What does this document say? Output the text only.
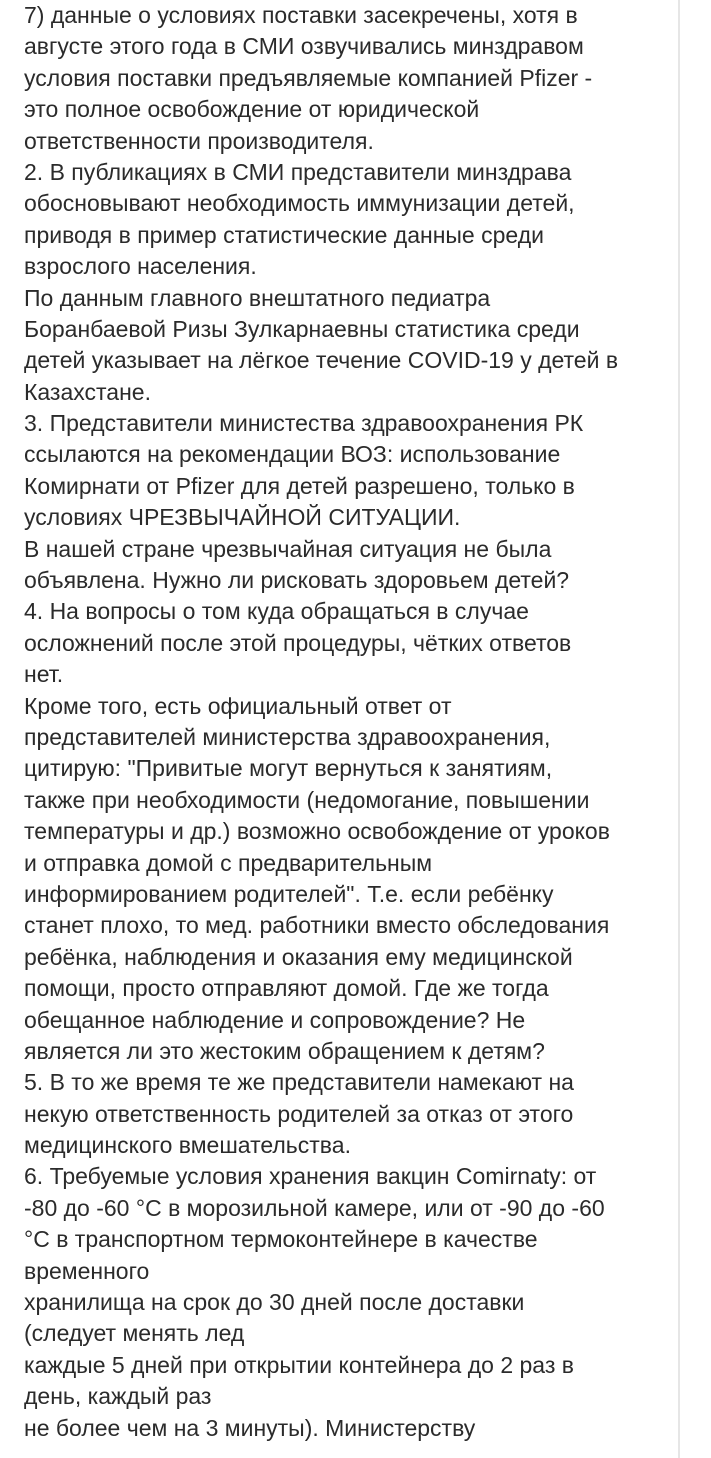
7) данные о условиях поставки засекречены, хотя в
августе этого года в СМИ озвучивались минздравом
условия поставки предъявляемые компанией Pfizer -
это полное освобождение от юридической
ответственности производителя.
2. В публикациях в СМИ представители минздрава
обосновывают необходимость иммунизации детей,
приводя в пример статистические данные среди
взрослого населения.
По данным главного внештатного педиатра
Боранбаевой Ризы Зулкарнаевны статистика среди
детей указывает на лёгкое течение COVID-19 у детей в
Казахстане.
3. Представители министества здравоохранения РК
ссылаются на рекомендации ВОЗ: использование
Комирнати от Pfizer для детей разрешено, только в
условиях ЧРЕЗВЫЧАЙНОЙ СИТУАЦИИ.
В нашей стране чрезвычайная ситуация не была
объявлена. Нужно ли рисковать здоровьем детей?
4. На вопросы о том куда обращаться в случае
осложнений после этой процедуры, чётких ответов
нет.
Кроме того, есть официальный ответ от
представителей министерства здравоохранения,
цитирую: "Привитые могут вернуться к занятиям,
также при необходимости (недомогание, повышении
температуры и др.) возможно освобождение от уроков
и отправка домой с предварительным
информированием родителей". Т.е. если ребёнку
станет плохо, то мед. работники вместо обследования
ребёнка, наблюдения и оказания ему медицинской
помощи, просто отправляют домой. Где же тогда
обещанное наблюдение и сопровождение? Не
является ли это жестоким обращением к детям?
5. В то же время те же представители намекают на
некую ответственность родителей за отказ от этого
медицинского вмешательства.
6. Требуемые условия хранения вакцин Comirnaty: от
-80 до -60 °С в морозильной камере, или от -90 до -60
°С в транспортном термоконтейнере в качестве
временного
хранилища на срок до 30 дней после доставки
(следует менять лед
каждые 5 дней при открытии контейнера до 2 раз в
день, каждый раз
не более чем на 3 минуты). Министерству
